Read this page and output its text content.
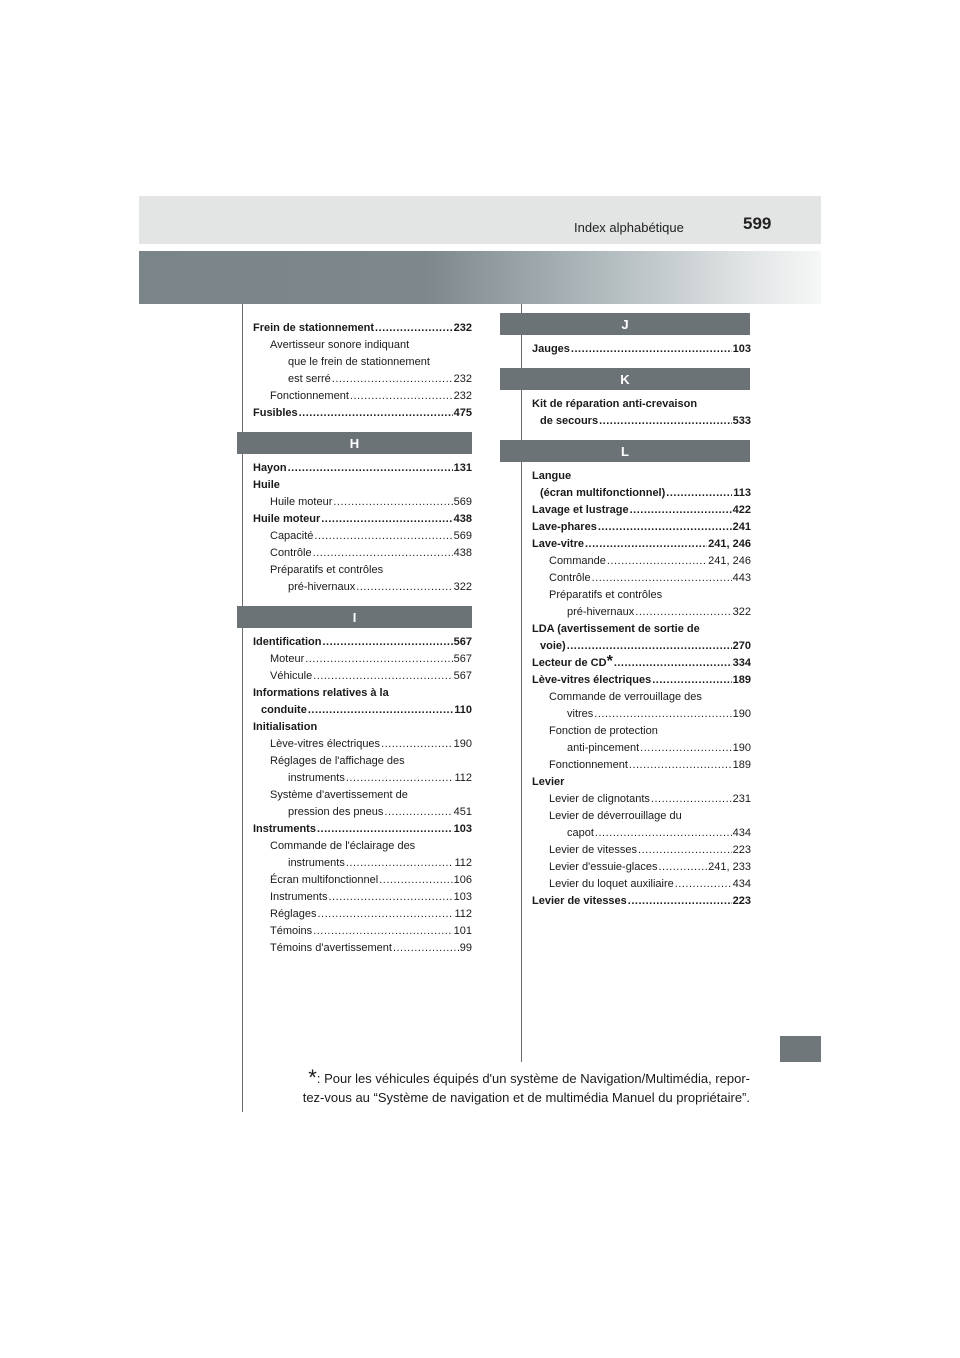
Index alphabétique	599
Frein de stationnement .....	232
Avertisseur sonore indiquant
que le frein de stationnement
est serré .....	232
Fonctionnement .....	232
Fusibles .....	475
H
Hayon .....	131
Huile
Huile moteur .....	569
Huile moteur .....	438
Capacité .....	569
Contrôle .....	438
Préparatifs et contrôles
pré-hivernaux .....	322
I
Identification .....	567
Moteur .....	567
Véhicule .....	567
Informations relatives à la
conduite .....	110
Initialisation
Lève-vitres électriques .....	190
Réglages de l'affichage des
instruments .....	112
Système d'avertissement de
pression des pneus .....	451
Instruments .....	103
Commande de l'éclairage des
instruments .....	112
Écran multifonctionnel .....	106
Instruments .....	103
Réglages .....	112
Témoins .....	101
Témoins d'avertissement .....	99
J
Jauges .....	103
K
Kit de réparation anti-crevaison
de secours .....	533
L
Langue
(écran multifonctionnel) .....	113
Lavage et lustrage .....	422
Lave-phares .....	241
Lave-vitre .....	241, 246
Commande .....	241, 246
Contrôle .....	443
Préparatifs et contrôles
pré-hivernaux .....	322
LDA (avertissement de sortie de
voie) .....	270
Lecteur de CD * .....	334
Lève-vitres électriques .....	189
Commande de verrouillage des
vitres .....	190
Fonction de protection
anti-pincement .....	190
Fonctionnement .....	189
Levier
Levier de clignotants .....	231
Levier de déverrouillage du
capot .....	434
Levier de vitesses .....	223
Levier d'essuie-glaces .....	241, 233
Levier du loquet auxiliaire .....	434
Levier de vitesses .....	223
*: Pour les véhicules équipés d'un système de Navigation/Multimédia, repor-
tez-vous au “Système de navigation et de multimédia Manuel du propriétaire”.
